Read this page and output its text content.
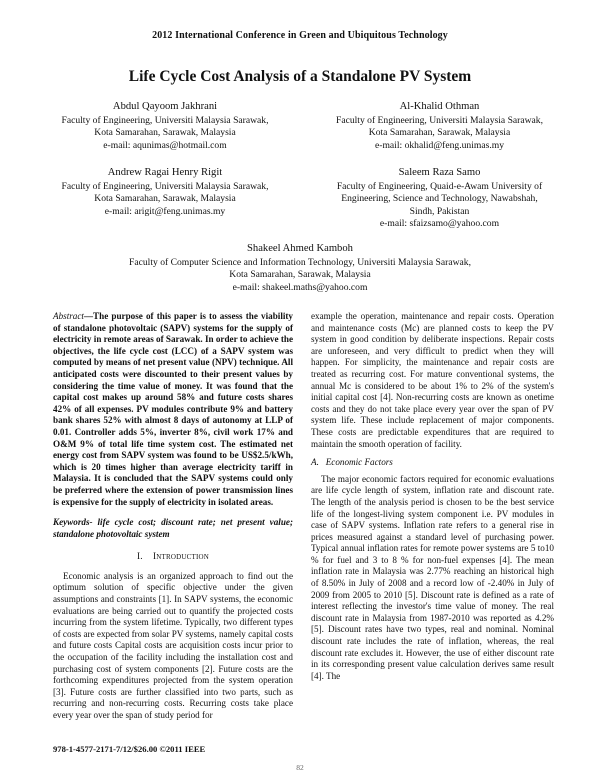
2012 International Conference in Green and Ubiquitous Technology
Life Cycle Cost Analysis of a Standalone PV System
Abdul Qayoom Jakhrani
Faculty of Engineering, Universiti Malaysia Sarawak,
Kota Samarahan, Sarawak, Malaysia
e-mail: aqunimas@hotmail.com
Al-Khalid Othman
Faculty of Engineering, Universiti Malaysia Sarawak,
Kota Samarahan, Sarawak, Malaysia
e-mail: okhalid@feng.unimas.my
Andrew Ragai Henry Rigit
Faculty of Engineering, Universiti Malaysia Sarawak,
Kota Samarahan, Sarawak, Malaysia
e-mail: arigit@feng.unimas.my
Saleem Raza Samo
Faculty of Engineering, Quaid-e-Awam University of
Engineering, Science and Technology, Nawabshah,
Sindh, Pakistan
e-mail: sfaizsamo@yahoo.com
Shakeel Ahmed Kamboh
Faculty of Computer Science and Information Technology, Universiti Malaysia Sarawak,
Kota Samarahan, Sarawak, Malaysia
e-mail: shakeel.maths@yahoo.com

Abstract—The purpose of this paper is to assess the viability of standalone photovoltaic (SAPV) systems for the supply of electricity in remote areas of Sarawak. In order to achieve the objectives, the life cycle cost (LCC) of a SAPV system was computed by means of net present value (NPV) technique. All anticipated costs were discounted to their present values by considering the time value of money. It was found that the capital cost makes up around 58% and future costs shares 42% of all expenses. PV modules contribute 9% and battery bank shares 52% with almost 8 days of autonomy at LLP of 0.01. Controller adds 5%, inverter 8%, civil work 17% and O&M 9% of total life time system cost. The estimated net energy cost from SAPV system was found to be US$2.5/kWh, which is 20 times higher than average electricity tariff in Malaysia. It is concluded that the SAPV systems could only be preferred where the extension of power transmission lines is expensive for the supply of electricity in isolated areas.

Keywords- life cycle cost; discount rate; net present value; standalone photovoltaic system

I. Introduction

Economic analysis is an organized approach to find out the optimum solution of specific objective under the given assumptions and constraints [1]. In SAPV systems, the economic evaluations are being carried out to quantify the projected costs incurring from the system lifetime. Typically, two different types of costs are expected from solar PV systems, namely capital costs and future costs Capital costs are acquisition costs incur prior to the occupation of the facility including the installation cost and purchasing cost of system components [2]. Future costs are the forthcoming expenditures projected from the system operation [3]. Future costs are further classified into two parts, such as recurring and non-recurring costs. Recurring costs take place every year over the span of study period for

example the operation, maintenance and repair costs. Operation and maintenance costs (Mc) are planned costs to keep the PV system in good condition by deliberate inspections. Repair costs are unforeseen, and very difficult to predict when they will happen. For simplicity, the maintenance and repair costs are treated as recurring cost. For mature conventional systems, the annual Mc is considered to be about 1% to 2% of the system's initial capital cost [4]. Non-recurring costs are known as onetime costs and they do not take place every year over the span of PV system life. These include replacement of major components. These costs are predictable expenditures that are required to maintain the smooth operation of facility.

A. Economic Factors

The major economic factors required for economic evaluations are life cycle length of system, inflation rate and discount rate. The length of the analysis period is chosen to be the best service life of the longest-living system component i.e. PV modules in case of SAPV systems. Inflation rate refers to a general rise in prices measured against a standard level of purchasing power. Typical annual inflation rates for remote power systems are 5 to10 % for fuel and 3 to 8 % for non-fuel expenses [4]. The mean inflation rate in Malaysia was 2.77% reaching an historical high of 8.50% in July of 2008 and a record low of -2.40% in July of 2009 from 2005 to 2010 [5]. Discount rate is defined as a rate of interest reflecting the investor's time value of money. The real discount rate in Malaysia from 1987-2010 was reported as 4.2% [5]. Discount rates have two types, real and nominal. Nominal discount rate includes the rate of inflation, whereas, the real discount rate excludes it. However, the use of either discount rate in its corresponding present value calculation derives same result [4]. The

978-1-4577-2171-7/12/$26.00 ©2011 IEEE
82
